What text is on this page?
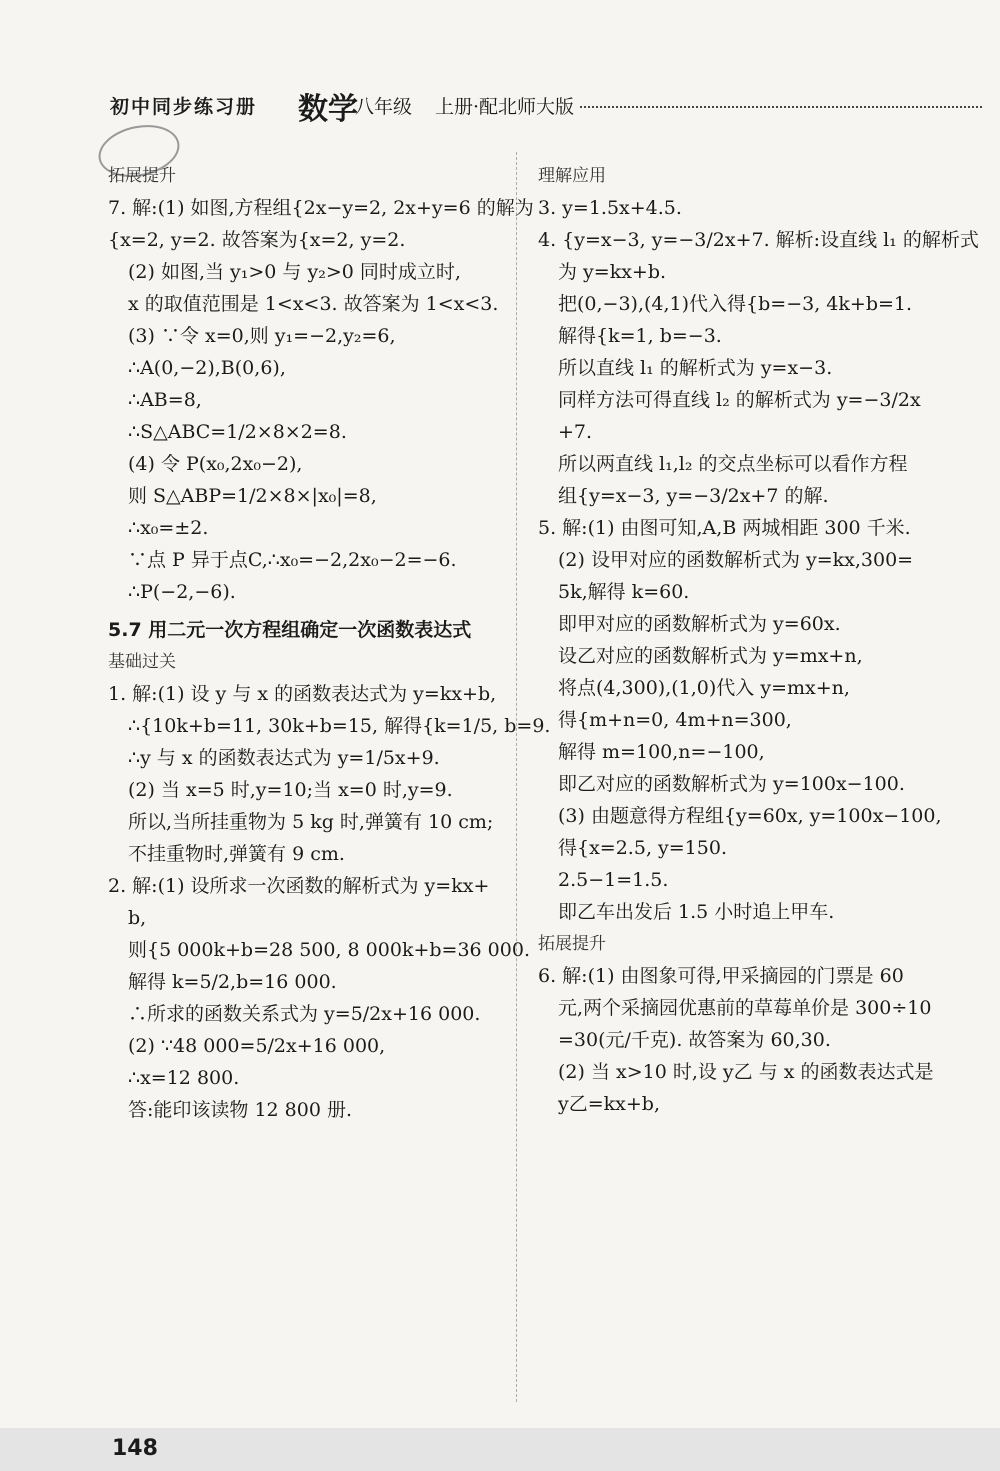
初中同步练习册 数学
八年级 上册·配北师大版
拓展提升
7. 解:(1) 如图,方程组{2x−y=2, 2x+y=6 的解为
{x=2, y=2. 故答案为{x=2, y=2.
(2) 如图,当 y₁>0 与 y₂>0 同时成立时,
x 的取值范围是 1<x<3. 故答案为 1<x<3.
(3) ∵令 x=0,则 y₁=−2,y₂=6,
∴A(0,−2),B(0,6),
∴AB=8,
∴S△ABC=1/2×8×2=8.
(4) 令 P(x₀,2x₀−2),
则 S△ABP=1/2×8×|x₀|=8,
∴x₀=±2.
∵点 P 异于点C,∴x₀=−2,2x₀−2=−6.
∴P(−2,−6).
5.7 用二元一次方程组确定一次函数表达式
基础过关
1. 解:(1) 设 y 与 x 的函数表达式为 y=kx+b,
∴{10k+b=11, 30k+b=15, 解得{k=1/5, b=9.
∴y 与 x 的函数表达式为 y=1/5x+9.
(2) 当 x=5 时,y=10;当 x=0 时,y=9.
所以,当所挂重物为 5 kg 时,弹簧有 10 cm;
不挂重物时,弹簧有 9 cm.
2. 解:(1) 设所求一次函数的解析式为 y=kx+
b,
则{5 000k+b=28 500, 8 000k+b=36 000.
解得 k=5/2,b=16 000.
∴所求的函数关系式为 y=5/2x+16 000.
(2) ∵48 000=5/2x+16 000,
∴x=12 800.
答:能印该读物 12 800 册.
理解应用
3. y=1.5x+4.5.
4. {y=x−3, y=−3/2x+7. 解析:设直线 l₁ 的解析式
为 y=kx+b.
把(0,−3),(4,1)代入得{b=−3, 4k+b=1.
解得{k=1, b=−3.
所以直线 l₁ 的解析式为 y=x−3.
同样方法可得直线 l₂ 的解析式为 y=−3/2x
+7.
所以两直线 l₁,l₂ 的交点坐标可以看作方程
组{y=x−3, y=−3/2x+7 的解.
5. 解:(1) 由图可知,A,B 两城相距 300 千米.
(2) 设甲对应的函数解析式为 y=kx,300=
5k,解得 k=60.
即甲对应的函数解析式为 y=60x.
设乙对应的函数解析式为 y=mx+n,
将点(4,300),(1,0)代入 y=mx+n,
得{m+n=0, 4m+n=300,
解得 m=100,n=−100,
即乙对应的函数解析式为 y=100x−100.
(3) 由题意得方程组{y=60x, y=100x−100,
得{x=2.5, y=150.
2.5−1=1.5.
即乙车出发后 1.5 小时追上甲车.
拓展提升
6. 解:(1) 由图象可得,甲采摘园的门票是 60
元,两个采摘园优惠前的草莓单价是 300÷10
=30(元/千克). 故答案为 60,30.
(2) 当 x>10 时,设 y乙 与 x 的函数表达式是
y乙=kx+b,
148
